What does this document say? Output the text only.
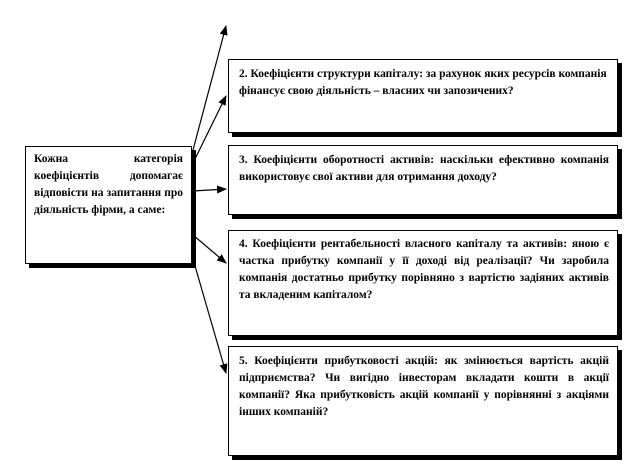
Кожна категорія коефіцієнтів допомагає відповісти на запитання про діяльність фірми, а саме:
2. Коефіцієнти структури капіталу: за рахунок яких ресурсів компанія фінансує свою діяльність – власних чи запозичених?
3. Коефіцієнти оборотності активів: наскільки ефективно компанія використовує свої активи для отримання доходу?
4. Коефіцієнти рентабельності власного капіталу та активів: яною є частка прибутку компанії у її доході від реалізації? Чи заробила компанія достатньо прибутку порівняно з вартістю задіяних активів та вкладеним капіталом?
5. Коефіцієнти прибутковості акцій: як змінюється вартість акцій підприємства? Чи вигідно інвесторам вкладати кошти в акції компанії? Яка прибутковість акцій компанії у порівнянні з акціями інших компаній?
